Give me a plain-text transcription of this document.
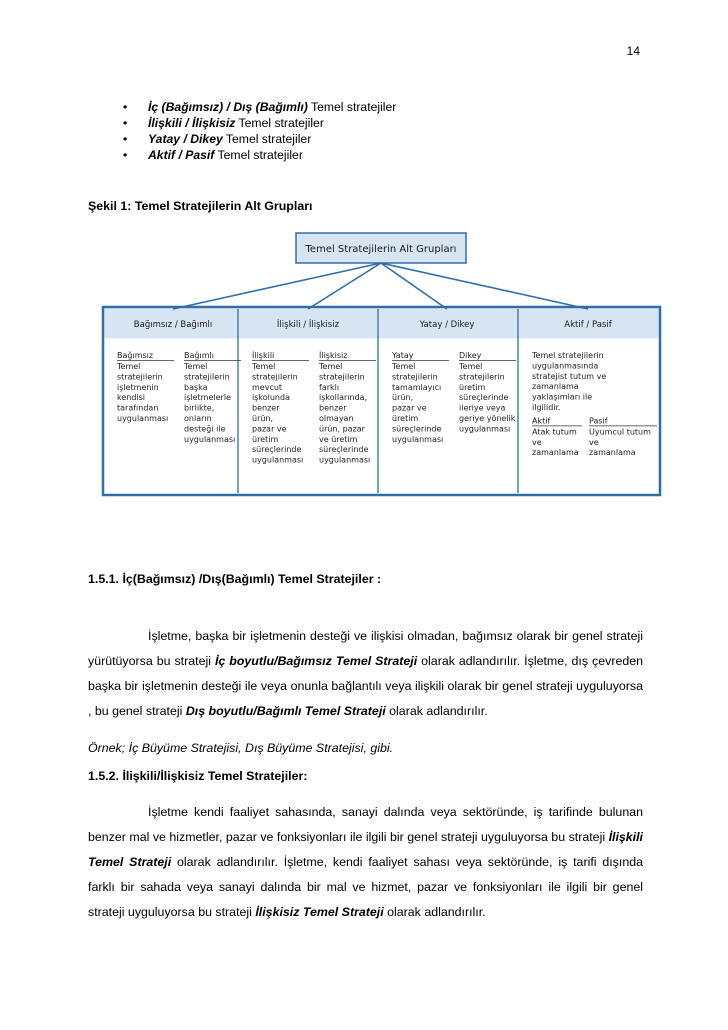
14
•	İç (Bağımsız) / Dış (Bağımlı) Temel stratejiler
•	İlişkili / İlişkisiz Temel stratejiler
•	Yatay / Dikey Temel stratejiler
•	Aktif / Pasif Temel stratejiler
Şekil 1: Temel Stratejilerin Alt Grupları
Temel Stratejilerin Alt Grupları
Bağımsız / Bağımlı
Bağımsız
Temel
stratejilerin
işletmenin
kendisi
tarafından
uygulanması
Bağımlı
Temel
stratejilerin
başka
işletmelerle
birlikte,
onların
desteği ile
uygulanması
İlişkili / İlişkisiz
İlişkili
Temel
stratejilerin
mevcut
işkolunda
benzer
ürün,
pazar ve
üretim
süreçlerinde
uygulanması
İlişkisiz
Temel
stratejilerin
farklı
işkollarında,
benzer
olmayan
ürün, pazar
ve üretim
süreçlerinde
uygulanması
Yatay / Dikey
Yatay
Temel
stratejilerin
tamamlayıcı
ürün,
pazar ve
üretim
süreçlerinde
uygulanması
Dikey
Temel
stratejilerin
üretim
süreçlerinde
ileriye veya
geriye yönelik
uygulanması
Aktif / Pasif
Temel stratejilerin
uygulanmasında
stratejist tutum ve
zamanlama
yaklaşımları ile
ilgilidir.
Aktif
Atak tutum
ve
zamanlama
Pasif
Uyumcul tutum
ve
zamanlama
1.5.1. İç(Bağımsız) /Dış(Bağımlı) Temel Stratejiler :
İşletme, başka bir işletmenin desteği ve ilişkisi olmadan, bağımsız olarak bir genel strateji yürütüyorsa bu strateji İç boyutlu/Bağımsız Temel Strateji olarak adlandırılır. İşletme, dış çevreden başka bir işletmenin desteği ile veya onunla bağlantılı veya ilişkili olarak bir genel strateji uyguluyorsa , bu genel strateji Dış boyutlu/Bağımlı Temel Strateji olarak adlandırılır.
Örnek; İç Büyüme Stratejisi, Dış Büyüme Stratejisi, gibi.
1.5.2. İlişkili/İlişkisiz Temel Stratejiler:
İşletme kendi faaliyet sahasında, sanayi dalında veya sektöründe, iş tarifinde bulunan benzer mal ve hizmetler, pazar ve fonksiyonları ile ilgili bir genel strateji uyguluyorsa bu strateji İlişkili Temel Strateji olarak adlandırılır. İşletme, kendi faaliyet sahası veya sektöründe, iş tarifi dışında farklı bir sahada veya sanayi dalında bir mal ve hizmet, pazar ve fonksiyonları ile ilgili bir genel strateji uyguluyorsa bu strateji İlişkisiz Temel Strateji olarak adlandırılır.
